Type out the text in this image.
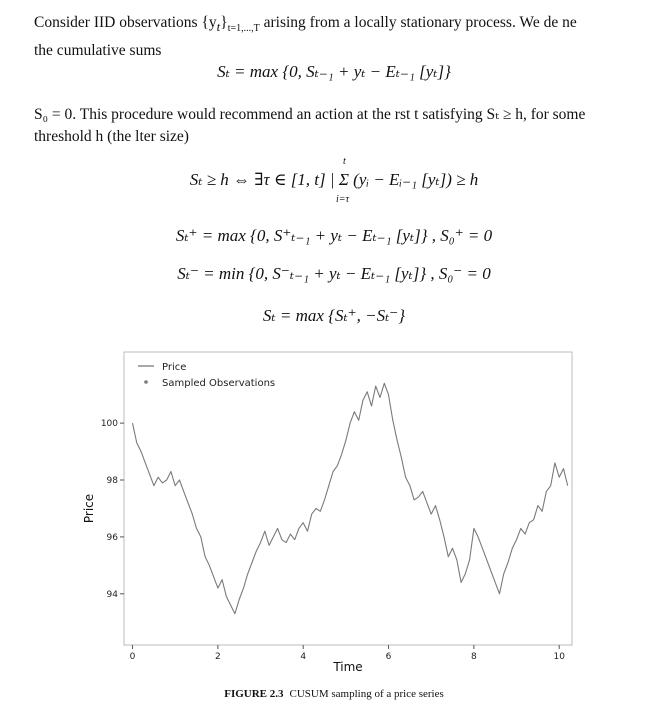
Consider IID observations $\{y_t\}_{t=1,...,T}$ arising from a locally stationary process. We de ne
the cumulative sums
Sₜ = max {0, Sₜ₋₁ + yₜ − Eₜ₋₁ [yₜ]}
S₀ = 0. This procedure would recommend an action at the rst t satisfying Sₜ ≥ h, for some
threshold h (the lter size)
Sₜ ≥ h ⇔ ∃τ ∈ [1, t] | Σ (yᵢ − Eᵢ₋₁ [yₜ]) ≥ h
t
i=τ
Sₜ⁺ = max {0, S⁺ₜ₋₁ + yₜ − Eₜ₋₁ [yₜ]} , S₀⁺ = 0
Sₜ⁻ = min {0, S⁻ₜ₋₁ + yₜ − Eₜ₋₁ [yₜ]} , S₀⁻ = 0
Sₜ = max {Sₜ⁺, −Sₜ⁻}
0	2	4	6	8	10
94
96
98
100
Time
Price
Price
Sampled Observations
FIGURE 2.3 CUSUM sampling of a price series
